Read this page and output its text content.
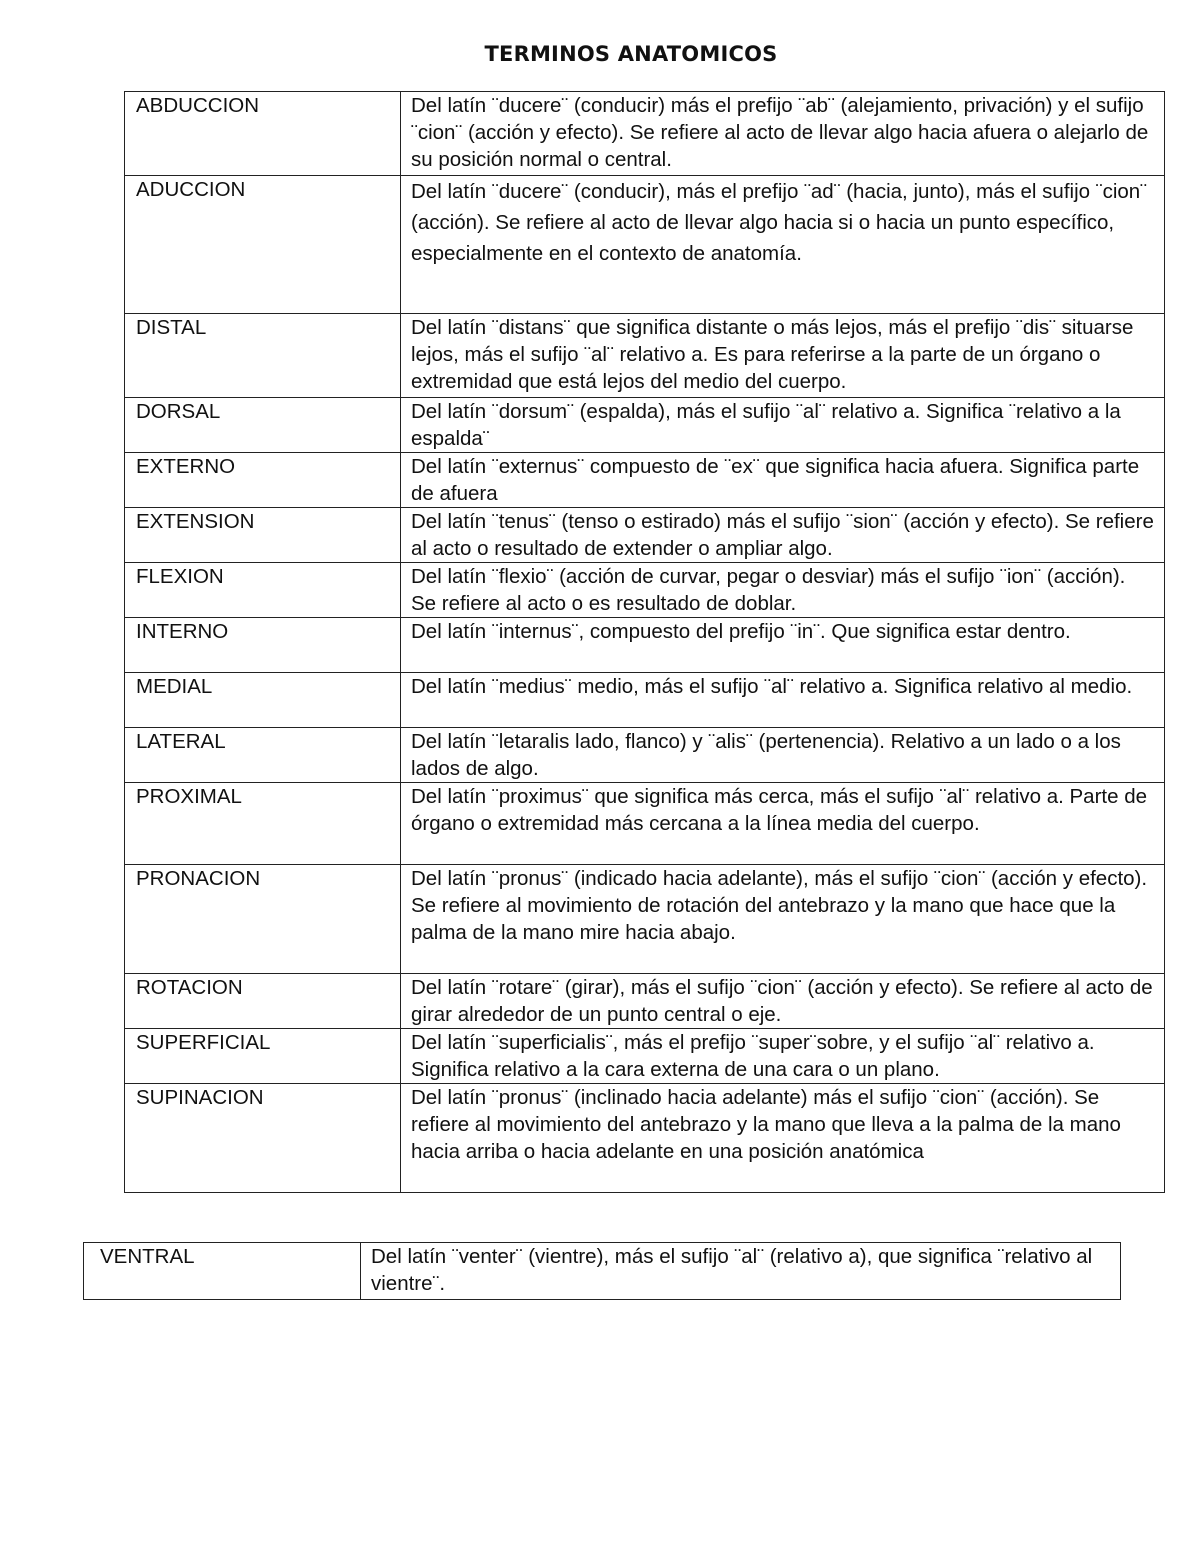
TERMINOS ANATOMICOS
ABDUCCION	Del latín ¨ducere¨ (conducir) más el prefijo ¨ab¨ (alejamiento, privación) y el sufijo ¨cion¨ (acción y efecto). Se refiere al acto de llevar algo hacia afuera o alejarlo de su posición normal o central.
ADUCCION	Del latín ¨ducere¨ (conducir), más el prefijo ¨ad¨ (hacia, junto), más el sufijo ¨cion¨ (acción). Se refiere al acto de llevar algo hacia si o hacia un punto específico, especialmente en el contexto de anatomía.
DISTAL	Del latín ¨distans¨ que significa distante o más lejos, más el prefijo ¨dis¨ situarse lejos, más el sufijo ¨al¨ relativo a. Es para referirse a la parte de un órgano o extremidad que está lejos del medio del cuerpo.
DORSAL	Del latín ¨dorsum¨ (espalda), más el sufijo ¨al¨ relativo a. Significa ¨relativo a la espalda¨
EXTERNO	Del latín ¨externus¨ compuesto de ¨ex¨ que significa hacia afuera. Significa parte de afuera
EXTENSION	Del latín ¨tenus¨ (tenso o estirado) más el sufijo ¨sion¨ (acción y efecto). Se refiere al acto o resultado de extender o ampliar algo.
FLEXION	Del latín ¨flexio¨ (acción de curvar, pegar o desviar) más el sufijo ¨ion¨ (acción). Se refiere al acto o es resultado de doblar.
INTERNO	Del latín ¨internus¨, compuesto del prefijo ¨in¨. Que significa estar dentro.
MEDIAL	Del latín ¨medius¨ medio, más el sufijo ¨al¨ relativo a. Significa relativo al medio.
LATERAL	Del latín ¨letaralis lado, flanco) y ¨alis¨ (pertenencia). Relativo a un lado o a los lados de algo.
PROXIMAL	Del latín ¨proximus¨ que significa más cerca, más el sufijo ¨al¨ relativo a. Parte de órgano o extremidad más cercana a la línea media del cuerpo.
PRONACION	Del latín ¨pronus¨ (indicado hacia adelante), más el sufijo ¨cion¨ (acción y efecto). Se refiere al movimiento de rotación del antebrazo y la mano que hace que la palma de la mano mire hacia abajo.
ROTACION	Del latín ¨rotare¨ (girar), más el sufijo ¨cion¨ (acción y efecto). Se refiere al acto de girar alrededor de un punto central o eje.
SUPERFICIAL	Del latín ¨superficialis¨, más el prefijo ¨super¨sobre, y el sufijo ¨al¨ relativo a. Significa relativo a la cara externa de una cara o un plano.
SUPINACION	Del latín ¨pronus¨ (inclinado hacia adelante) más el sufijo ¨cion¨ (acción). Se refiere al movimiento del antebrazo y la mano que lleva a la palma de la mano hacia arriba o hacia adelante en una posición anatómica
VENTRAL	Del latín ¨venter¨ (vientre), más el sufijo ¨al¨ (relativo a), que significa ¨relativo al vientre¨.
